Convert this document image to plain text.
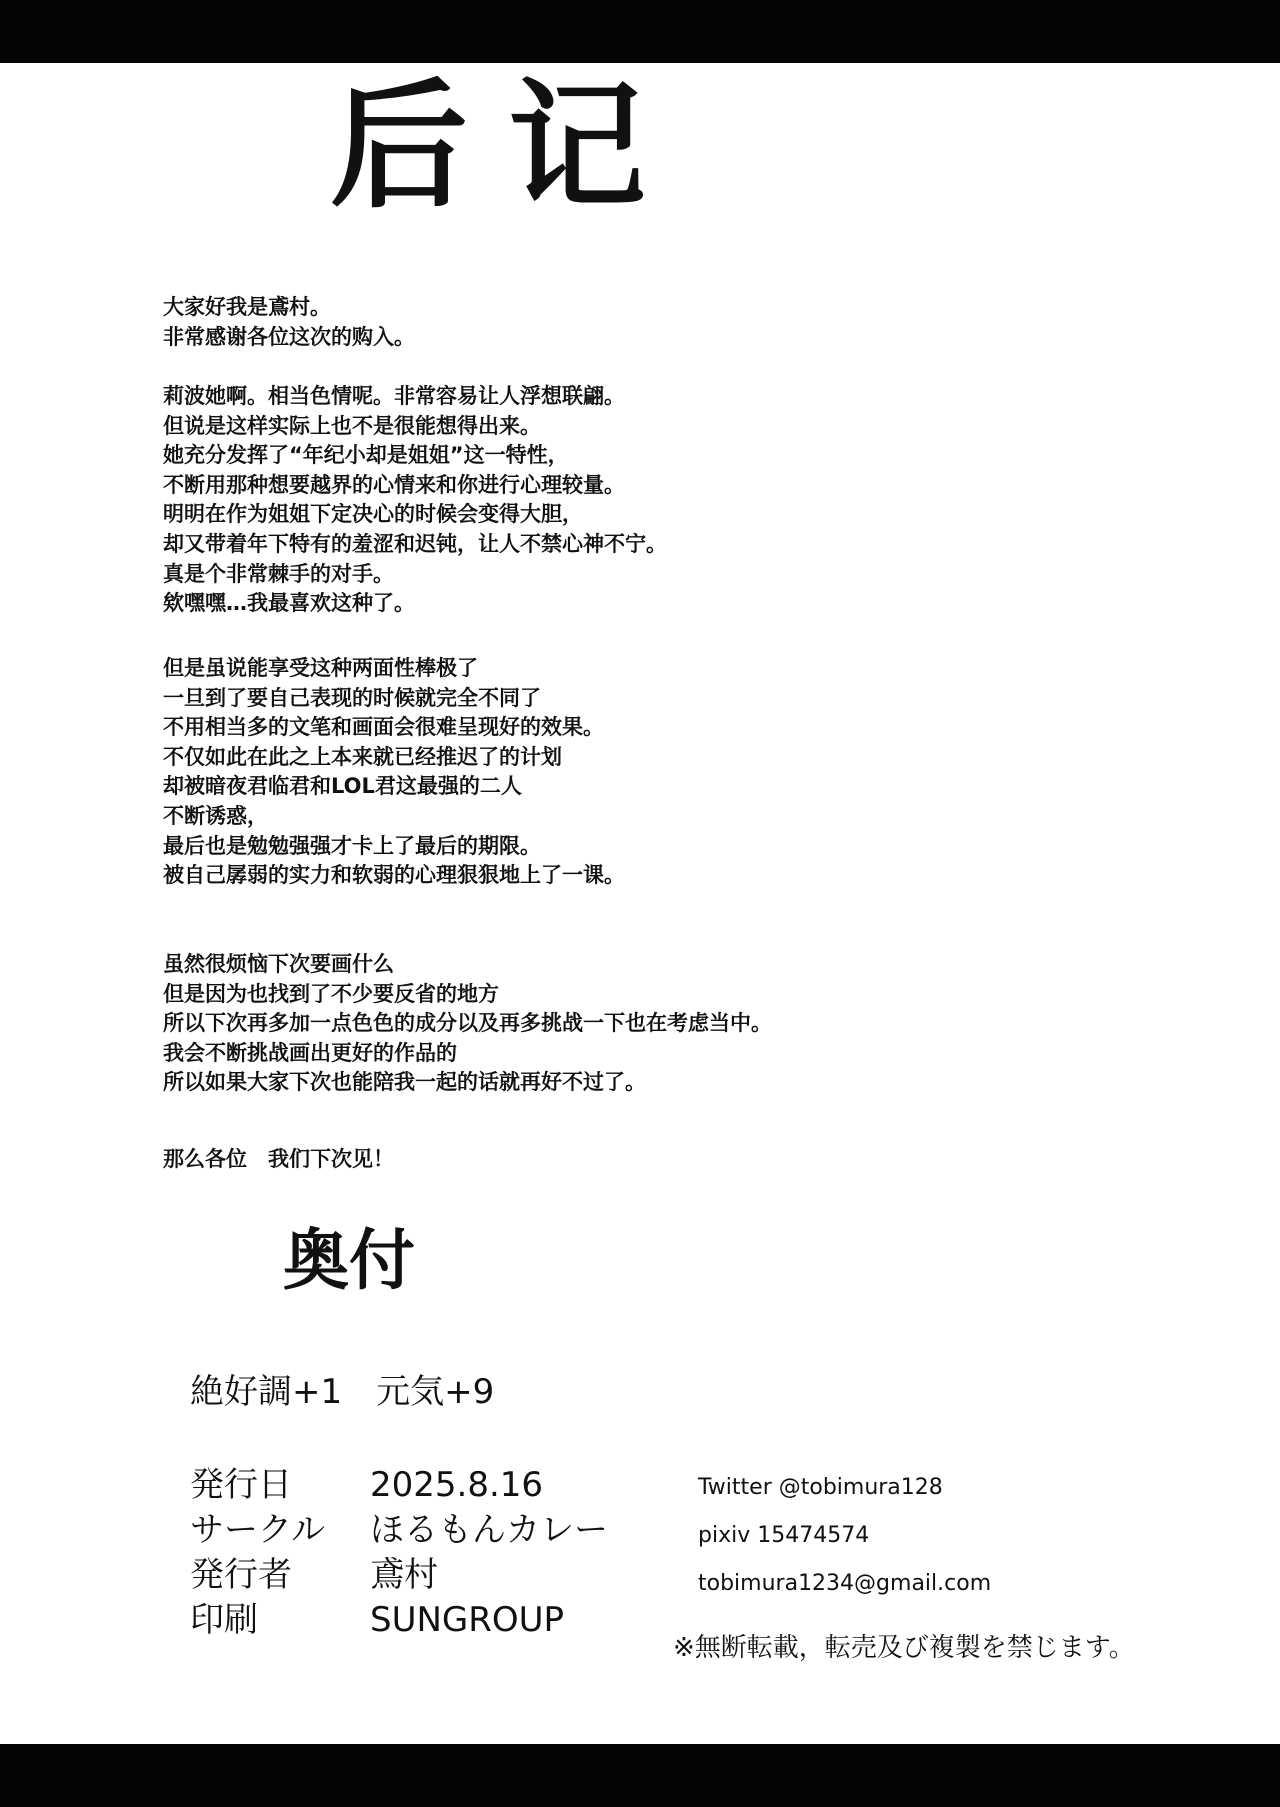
后记
大家好我是鳶村。
非常感谢各位这次的购入。
莉波她啊。相当色情呢。非常容易让人浮想联翩。
但说是这样实际上也不是很能想得出来。
她充分发挥了“年纪小却是姐姐”这一特性，
不断用那种想要越界的心情来和你进行心理较量。
明明在作为姐姐下定决心的时候会变得大胆，
却又带着年下特有的羞涩和迟钝，让人不禁心神不宁。
真是个非常棘手的对手。
欸嘿嘿…我最喜欢这种了。
但是虽说能享受这种两面性棒极了
一旦到了要自己表现的时候就完全不同了
不用相当多的文笔和画面会很难呈现好的效果。
不仅如此在此之上本来就已经推迟了的计划
却被暗夜君临君和LOL君这最强的二人
不断诱惑，
最后也是勉勉强强才卡上了最后的期限。
被自己孱弱的实力和软弱的心理狠狠地上了一课。
虽然很烦恼下次要画什么
但是因为也找到了不少要反省的地方
所以下次再多加一点色色的成分以及再多挑战一下也在考虑当中。
我会不断挑战画出更好的作品的
所以如果大家下次也能陪我一起的话就再好不过了。
那么各位　我们下次见！
奥付
絶好調+1　元気+9
発行日 2025.8.16
サークル ほるもんカレー
発行者 鳶村
印刷	SUNGROUP
Twitter @tobimura128
pixiv 15474574
tobimura1234@gmail.com
※無断転載，転売及び複製を禁じます。
